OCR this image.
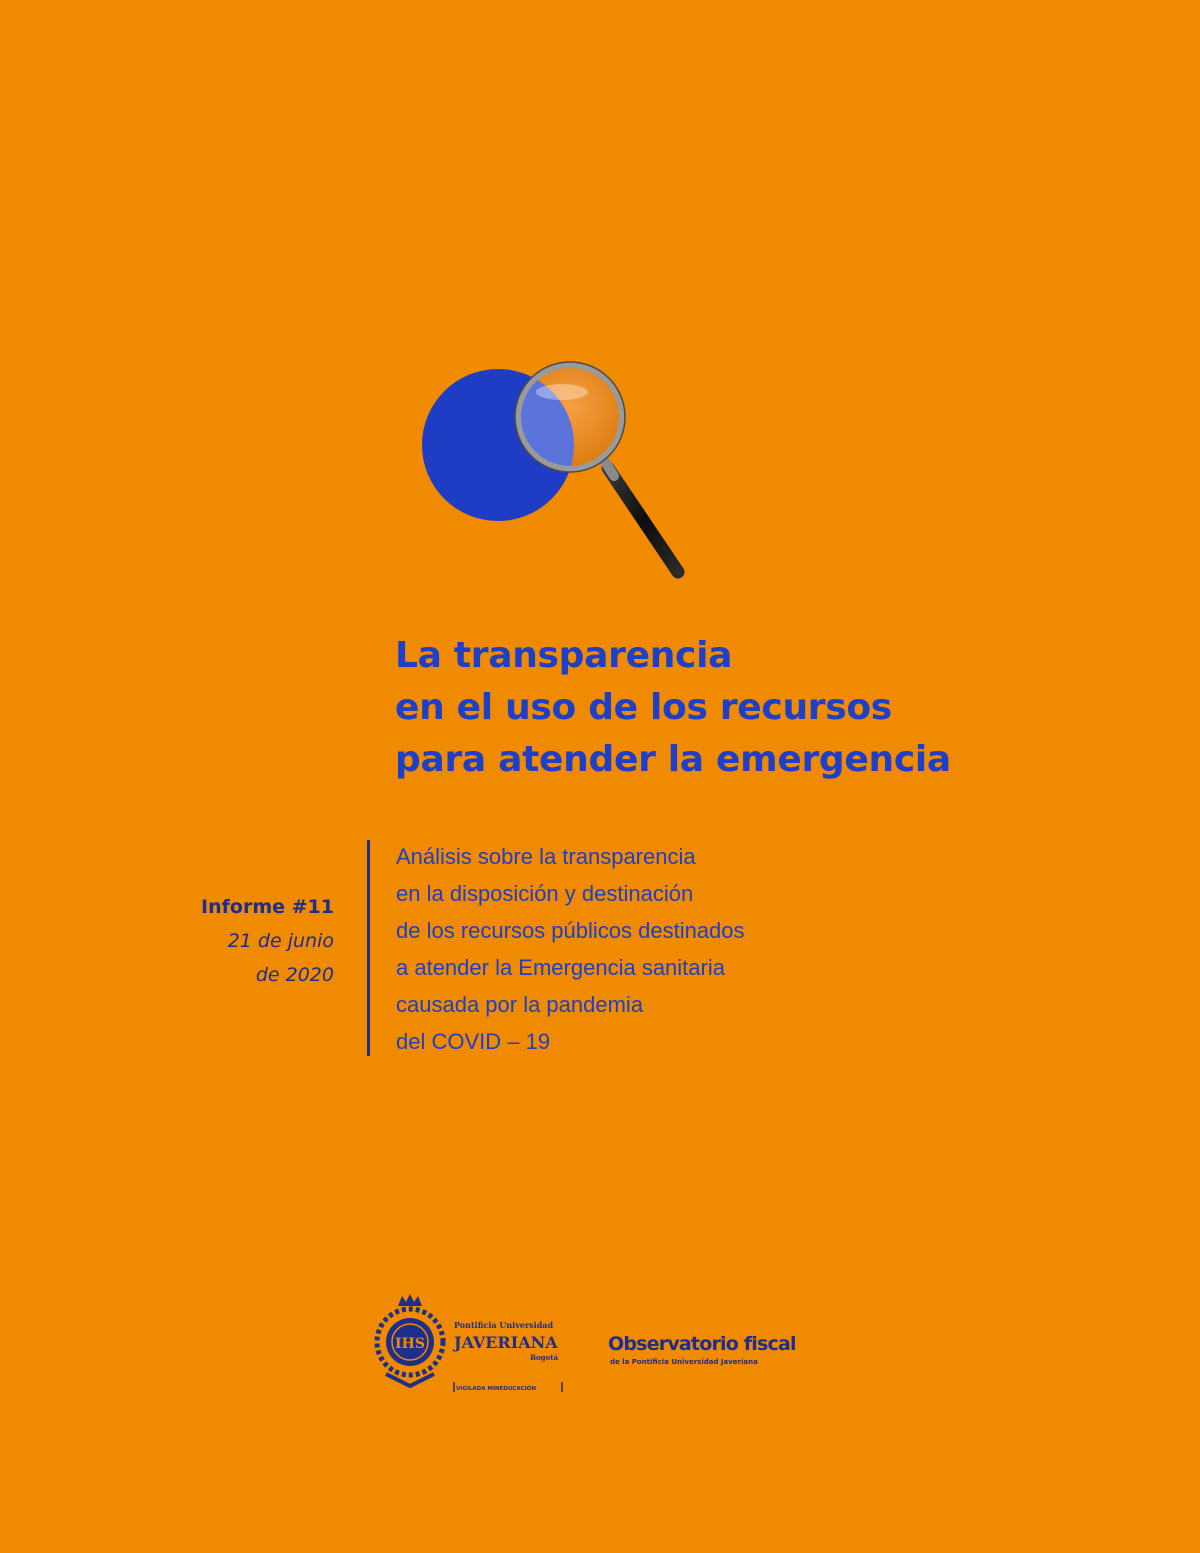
La transparencia
en el uso de los recursos
para atender la emergencia
Informe #11
21 de junio
de 2020
Análisis sobre la transparencia
en la disposición y destinación
de los recursos públicos destinados
a atender la Emergencia sanitaria
causada por la pandemia
del COVID – 19
IHS
Pontificia Universidad
JAVERIANA
Bogotá
VIGILADA MINEDUCACIÓN
Observatorio fiscal
de la Pontificia Universidad Javeriana
